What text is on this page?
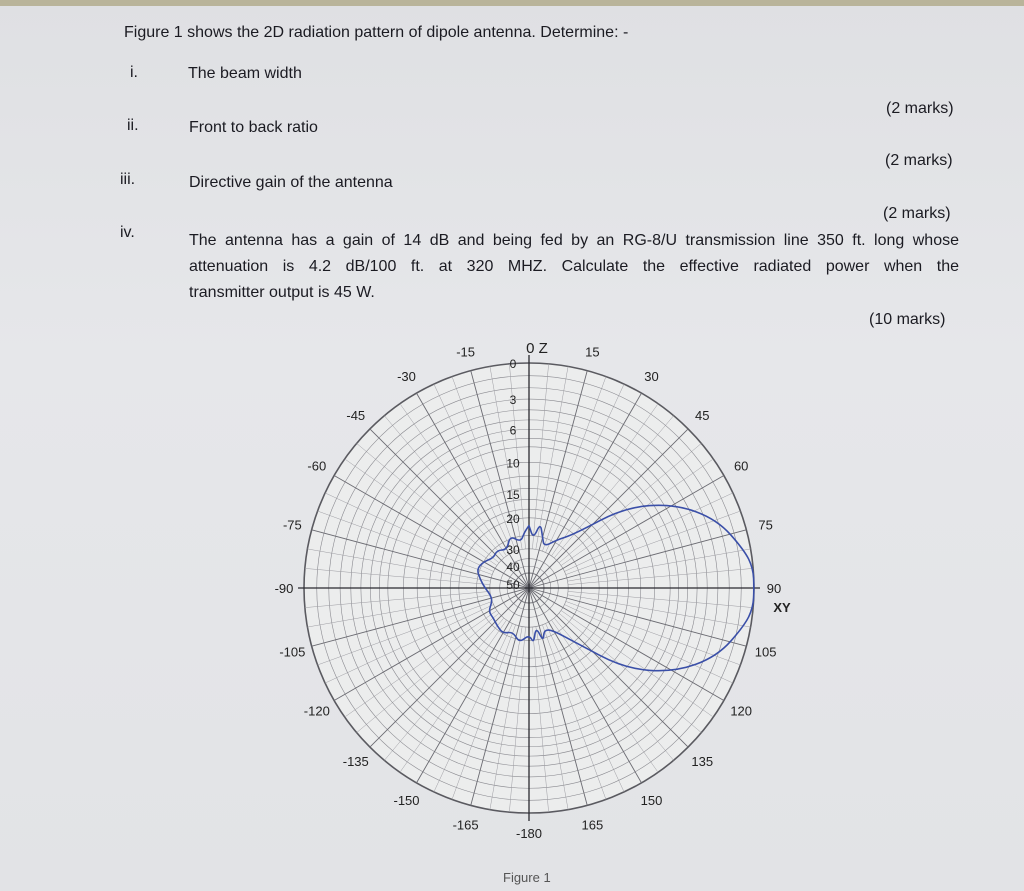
Figure 1 shows the 2D radiation pattern of dipole antenna. Determine: -
i.	The beam width
(2 marks)
ii.	Front to back ratio
(2 marks)
iii.	Directive gain of the antenna
(2 marks)
iv.	The antenna has a gain of 14 dB and being fed by an RG-8/U transmission line 350 ft. long whose
attenuation is 4.2 dB/100 ft. at 320 MHZ. Calculate the effective radiated power when the
transmitter output is 45 W.
(10 marks)
15
30
45
60
75
90
105
120
135
150
165
-180
-165
-150
-135
-120
-105
-90
-75
-60
-45
-30
-15	0 Z
XY
0
3
6
10
15
20
30
40
50
Figure 1
